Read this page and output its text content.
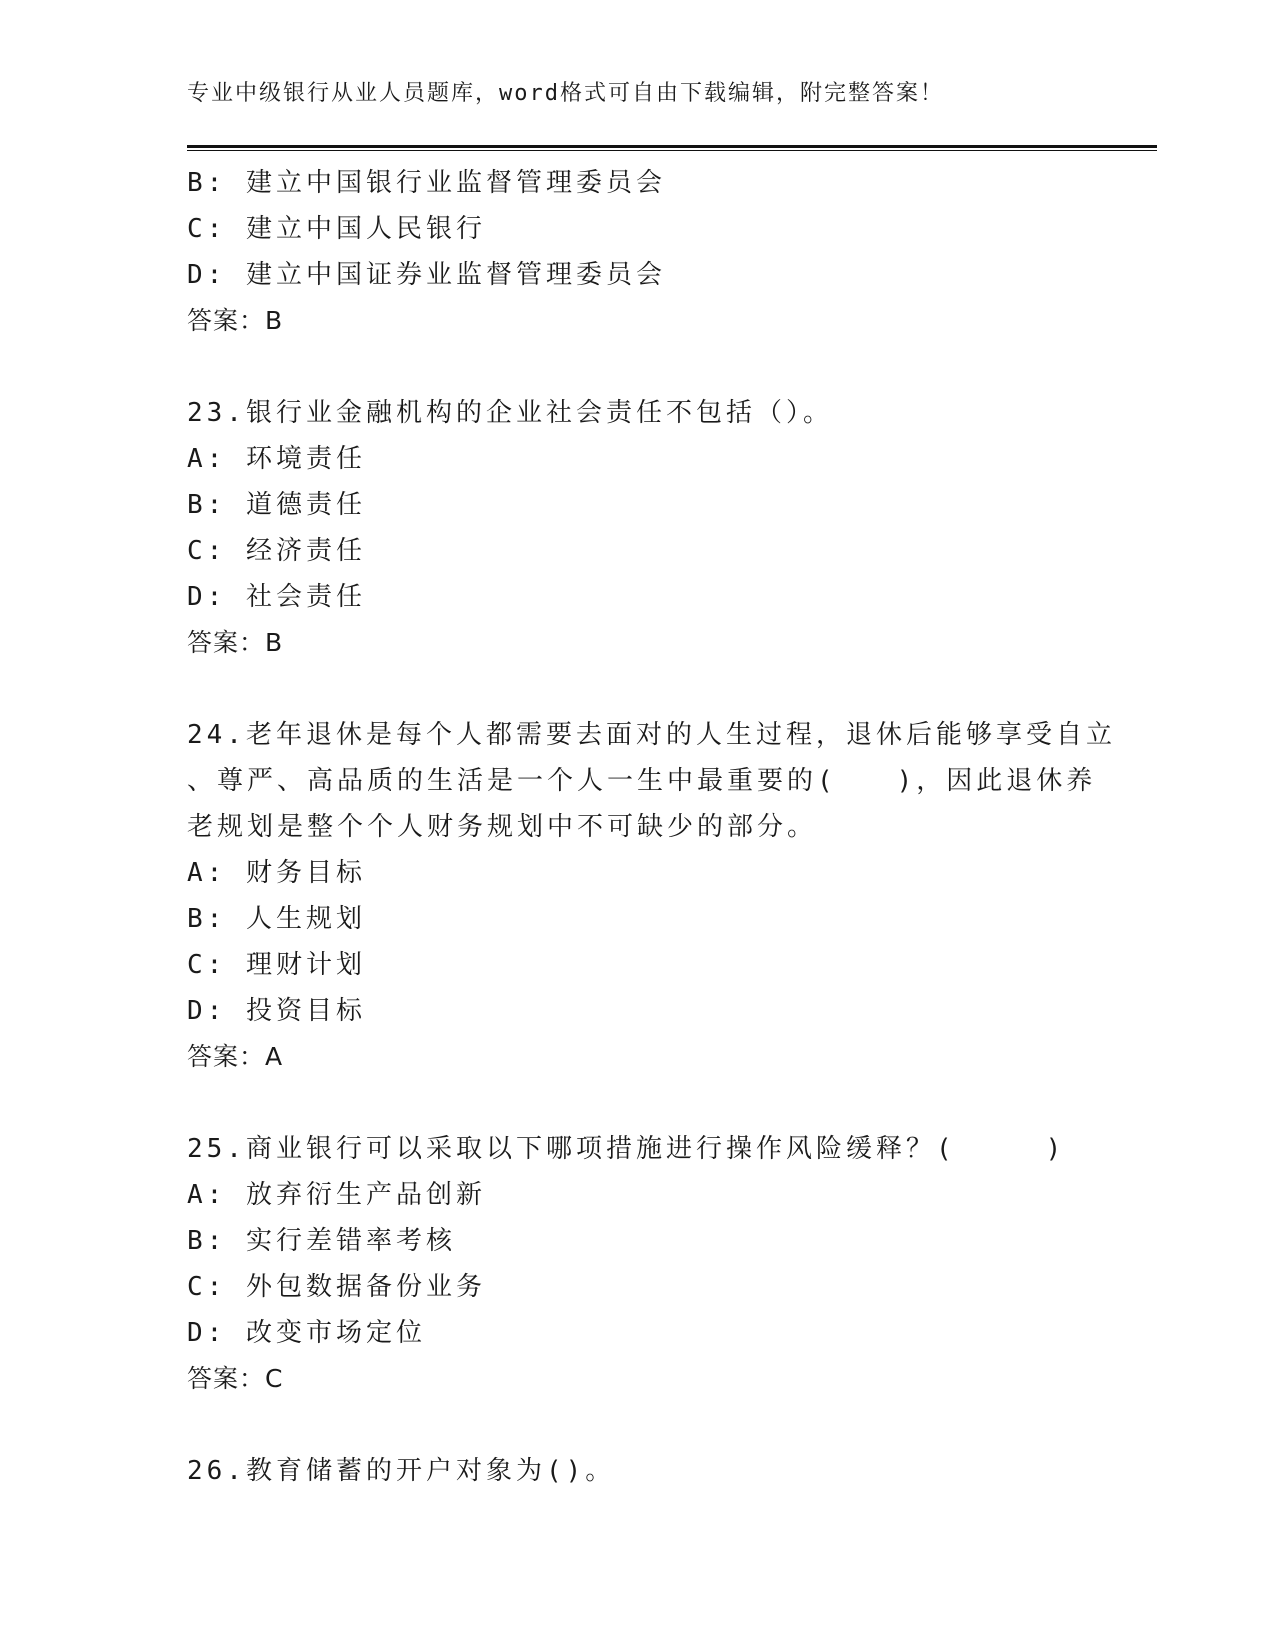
专业中级银行从业人员题库，word格式可自由下载编辑，附完整答案！
B: 建立中国银行业监督管理委员会
C: 建立中国人民银行
D: 建立中国证券业监督管理委员会
答案：B
23.银行业金融机构的企业社会责任不包括（）。
A: 环境责任
B: 道德责任
C: 经济责任
D: 社会责任
答案：B
24.老年退休是每个人都需要去面对的人生过程，退休后能够享受自立
、尊严、高品质的生活是一个人一生中最重要的(　　)，因此退休养
老规划是整个个人财务规划中不可缺少的部分。
A: 财务目标
B: 人生规划
C: 理财计划
D: 投资目标
答案：A
25.商业银行可以采取以下哪项措施进行操作风险缓释？(　　　)
A: 放弃衍生产品创新
B: 实行差错率考核
C: 外包数据备份业务
D: 改变市场定位
答案：C
26.教育储蓄的开户对象为()。
